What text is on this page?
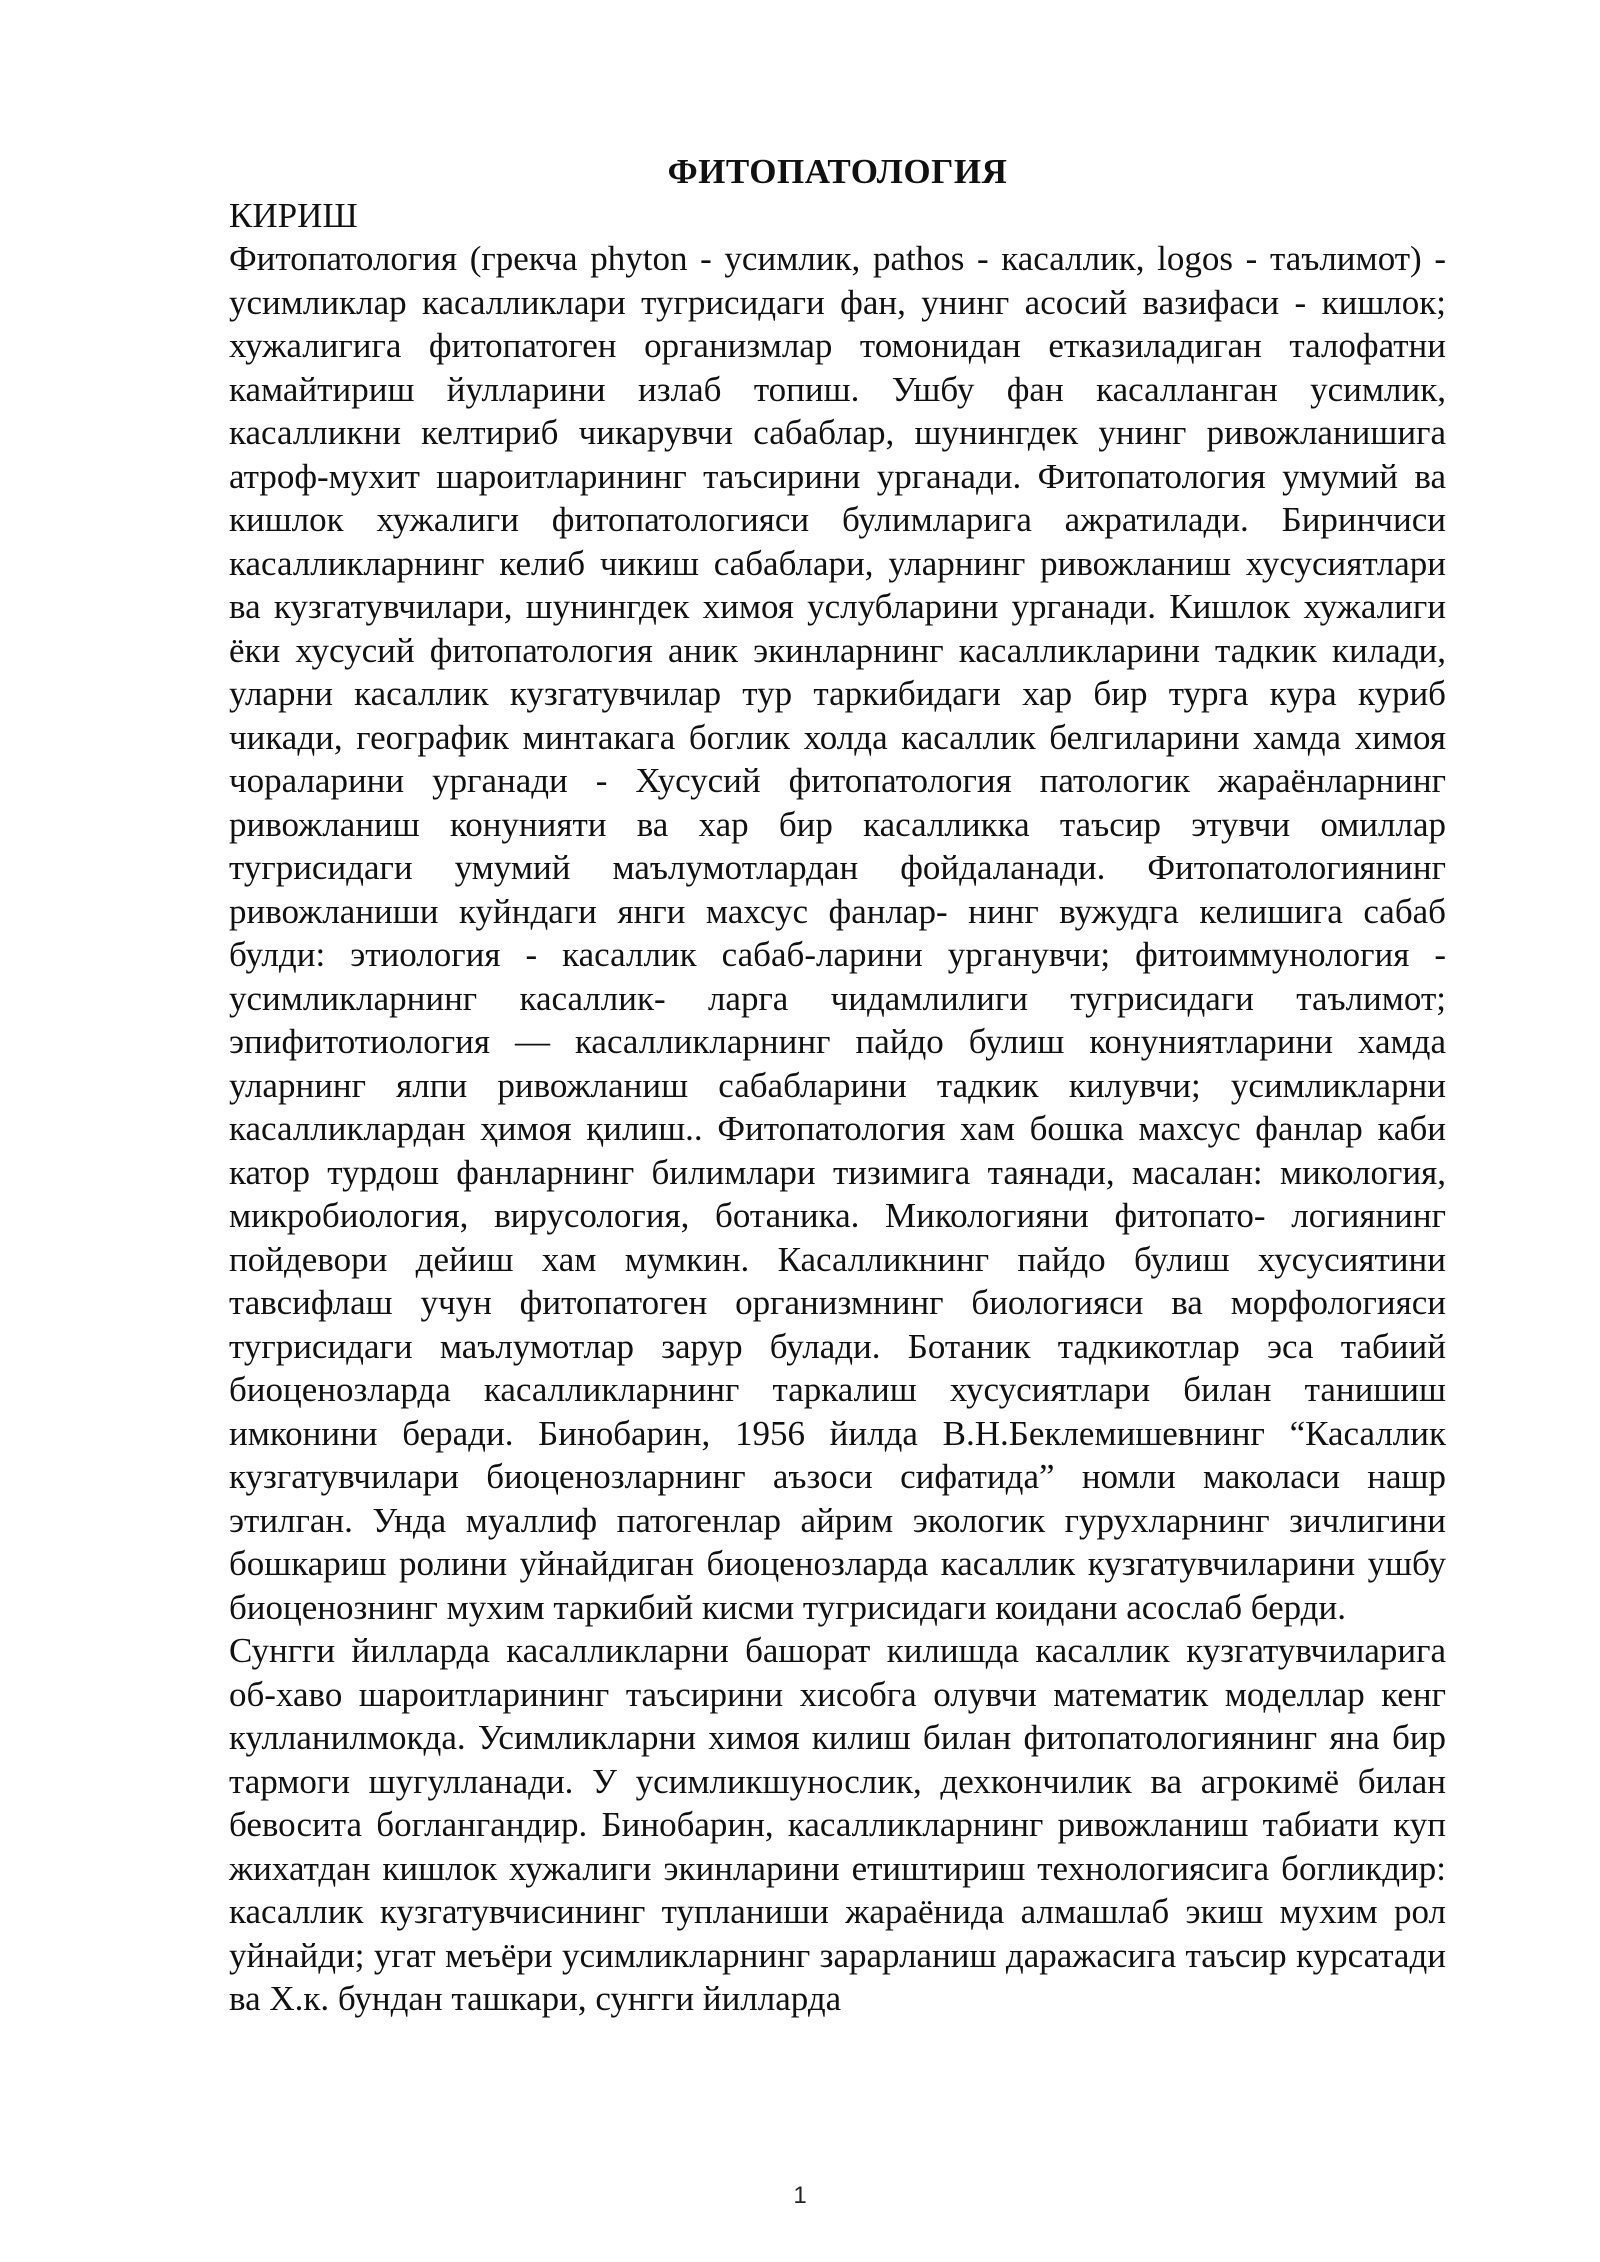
ФИТОПАТОЛОГИЯ
КИРИШ

Фитопатология (грекча phyton - усимлик, pathos - касаллик, logos - таълимот) - усимликлар касалликлари тугрисидаги фан, унинг асосий вазифаси - кишлок; хужалигига фитопатоген организмлар томонидан етказиладиган талофатни камайтириш йулларини излаб топиш. Ушбу фан касалланган усимлик, касалликни келтириб чикарувчи сабаблар, шунингдек унинг ривожланишига атроф-мухит шароитларининг таъсирини урганади. Фитопатология умумий ва кишлок хужалиги фитопатологияси булимларига ажратилади. Биринчиси касалликларнинг келиб чикиш сабаблари, уларнинг ривожланиш хусусиятлари ва кузгатувчилари, шунингдек химоя услубларини урганади. Кишлок хужалиги ёки хусусий фитопатология аник экинларнинг касалликларини тадкик килади, уларни касаллик кузгатувчилар тур таркибидаги хар бир турга кура куриб чикади, географик минтакага боглик холда касаллик белгиларини хамда химоя чораларини урганади - Хусусий фитопатология патологик жараёнларнинг ривожланиш конунияти ва хар бир касалликка таъсир этувчи омиллар тугрисидаги умумий маълумотлардан фойдаланади. Фитопатологиянинг ривожланиши куйндаги янги махсус фанлар- нинг вужудга келишига сабаб булди: этиология - касаллик сабаб-ларини урганувчи; фитоиммунология - усимликларнинг касаллик- ларга чидамлилиги тугрисидаги таълимот; эпифитотиология — касалликларнинг пайдо булиш конуниятларини хамда уларнинг ялпи ривожланиш сабабларини тадкик килувчи; усимликларни касалликлардан ҳимоя қилиш.. Фитопатология хам бошка махсус фанлар каби катор турдош фанларнинг билимлари тизимига таянади, масалан: микология, микробиология, вирусология, ботаника. Микологияни фитопато- логиянинг пойдевори дейиш хам мумкин. Касалликнинг пайдо булиш хусусиятини тавсифлаш учун фитопатоген организмнинг биологияси ва морфологияси тугрисидаги маълумотлар зарур булади. Ботаник тадкикотлар эса табиий биоценозларда касалликларнинг таркалиш хусусиятлари билан танишиш имконини беради. Бинобарин, 1956 йилда В.Н.Беклемишевнинг “Касаллик кузгатувчилари биоценозларнинг аъзоси сифатида” номли маколаси нашр этилган. Унда муаллиф патогенлар айрим экологик гурухларнинг зичлигини бошкариш ролини уйнайдиган биоценозларда касаллик кузгатувчиларини ушбу биоценознинг мухим таркибий кисми тугрисидаги коидани асослаб берди.

Сунгги йилларда касалликларни башорат килишда касаллик кузгатувчиларига об-хаво шароитларининг таъсирини хисобга олувчи математик моделлар кенг кулланилмокда. Усимликларни химоя килиш билан фитопатологиянинг яна бир тармоги шугулланади. У усимликшунослик, дехкончилик ва агрокимё билан бевосита боглангандир. Бинобарин, касалликларнинг ривожланиш табиати куп жихатдан кишлок хужалиги экинларини етиштириш технологиясига богликдир: касаллик кузгатувчисининг тупланиши жараёнида алмашлаб экиш мухим рол уйнайди; угат меъёри усимликларнинг зарарланиш даражасига таъсир курсатади ва Х.к. бундан ташкари, сунгги йилларда

1
